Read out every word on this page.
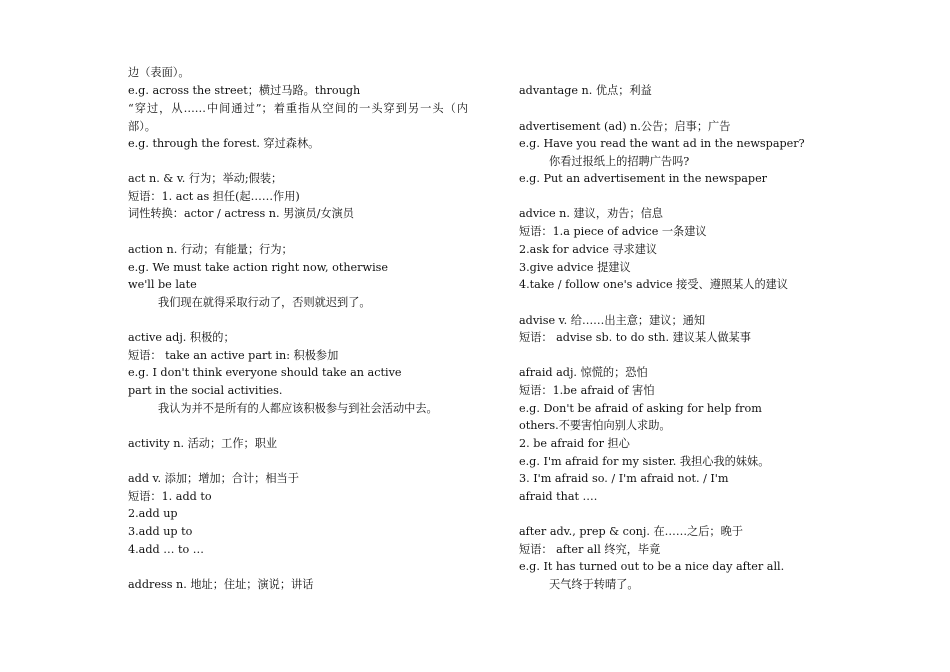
边（表面）。
e.g. across the street；横过马路。through
“穿过，从……中间通过”；着重指从空间的一头穿到另一头（内
部）。
e.g. through the forest. 穿过森林。
act n. & v. 行为；举动;假装；
短语：1. act as 担任(起……作用)
词性转换：actor / actress n. 男演员/女演员
action n. 行动；有能量；行为；
e.g. We must take action right now, otherwise
we'll be late
我们现在就得采取行动了，否则就迟到了。
active adj. 积极的；
短语： take an active part in: 积极参加
e.g. I don't think everyone should take an active
part in the social activities.
我认为并不是所有的人都应该积极参与到社会活动中去。
activity n. 活动；工作；职业
add v. 添加；增加；合计；相当于
短语：1. add to
2.add up
3.add up to
4.add … to …
address n. 地址；住址；演说；讲话
advantage n. 优点；利益
advertisement (ad) n.公告；启事；广告
e.g. Have you read the want ad in the newspaper?
你看过报纸上的招聘广告吗?
e.g. Put an advertisement in the newspaper
advice n. 建议，劝告；信息
短语：1.a piece of advice 一条建议
2.ask for advice 寻求建议
3.give advice 提建议
4.take / follow one's advice 接受、遵照某人的建议
advise v. 给……出主意；建议；通知
短语： advise sb. to do sth. 建议某人做某事
afraid adj. 惊慌的；恐怕
短语：1.be afraid of 害怕
e.g. Don't be afraid of asking for help from
others.不要害怕向别人求助。
2. be afraid for 担心
e.g. I'm afraid for my sister. 我担心我的妹妹。
3. I'm afraid so. / I'm afraid not. / I'm
afraid that ….
after adv., prep & conj. 在……之后；晚于
短语： after all 终究，毕竟
e.g. It has turned out to be a nice day after all.
天气终于转晴了。
